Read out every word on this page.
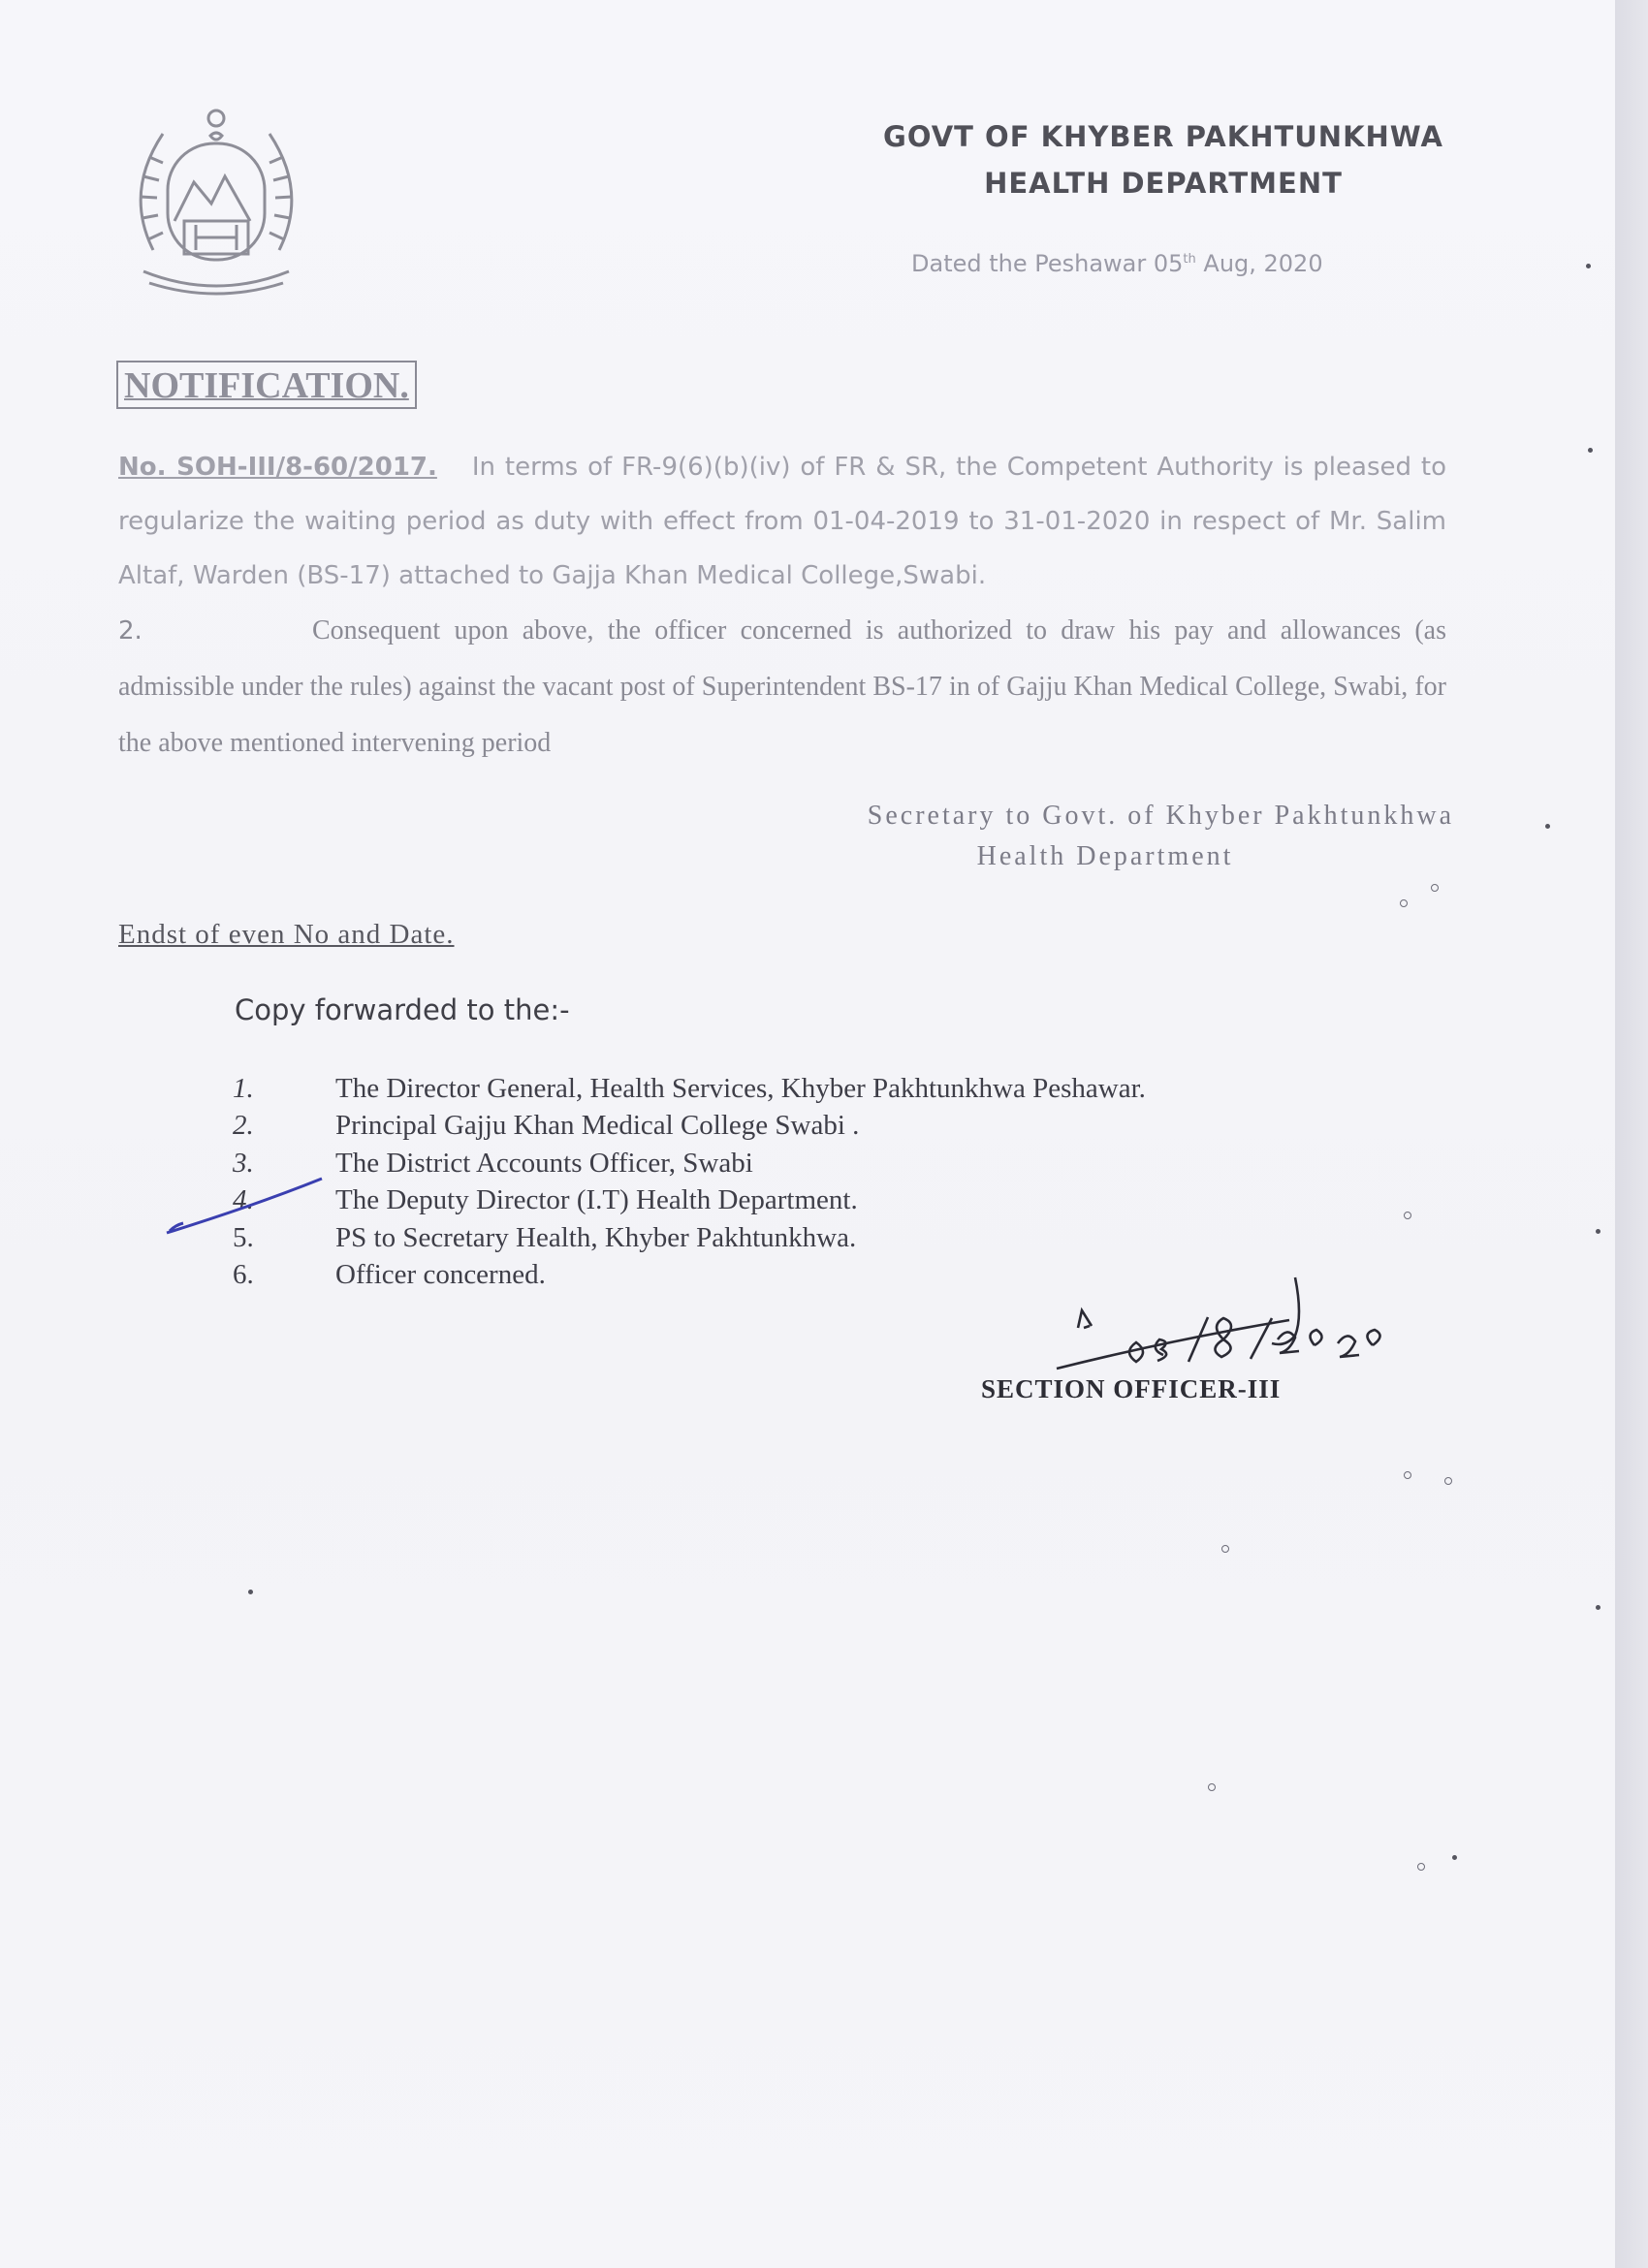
GOVT OF KHYBER PAKHTUNKHWA
HEALTH DEPARTMENT
Dated the Peshawar 05th Aug, 2020
NOTIFICATION.
No. SOH-III/8-60/2017. In terms of FR-9(6)(b)(iv) of FR & SR, the Competent Authority is pleased to regularize the waiting period as duty with effect from 01-04-2019 to 31-01-2020 in respect of Mr. Salim Altaf, Warden (BS-17) attached to Gajja Khan Medical College,Swabi.
2.	Consequent upon above, the officer concerned is authorized to draw his pay and allowances (as admissible under the rules) against the vacant post of Superintendent BS-17 in of Gajju Khan Medical College, Swabi, for the above mentioned intervening period
Secretary to Govt. of Khyber Pakhtunkhwa
Health Department
Endst of even No and Date.
Copy forwarded to the:-
1.	The Director General, Health Services, Khyber Pakhtunkhwa Peshawar.
2.	Principal Gajju Khan Medical College Swabi .
3.	The District Accounts Officer, Swabi
4.	The Deputy Director (I.T) Health Department.
5.	PS to Secretary Health, Khyber Pakhtunkhwa.
6.	Officer concerned.
SECTION OFFICER-III
